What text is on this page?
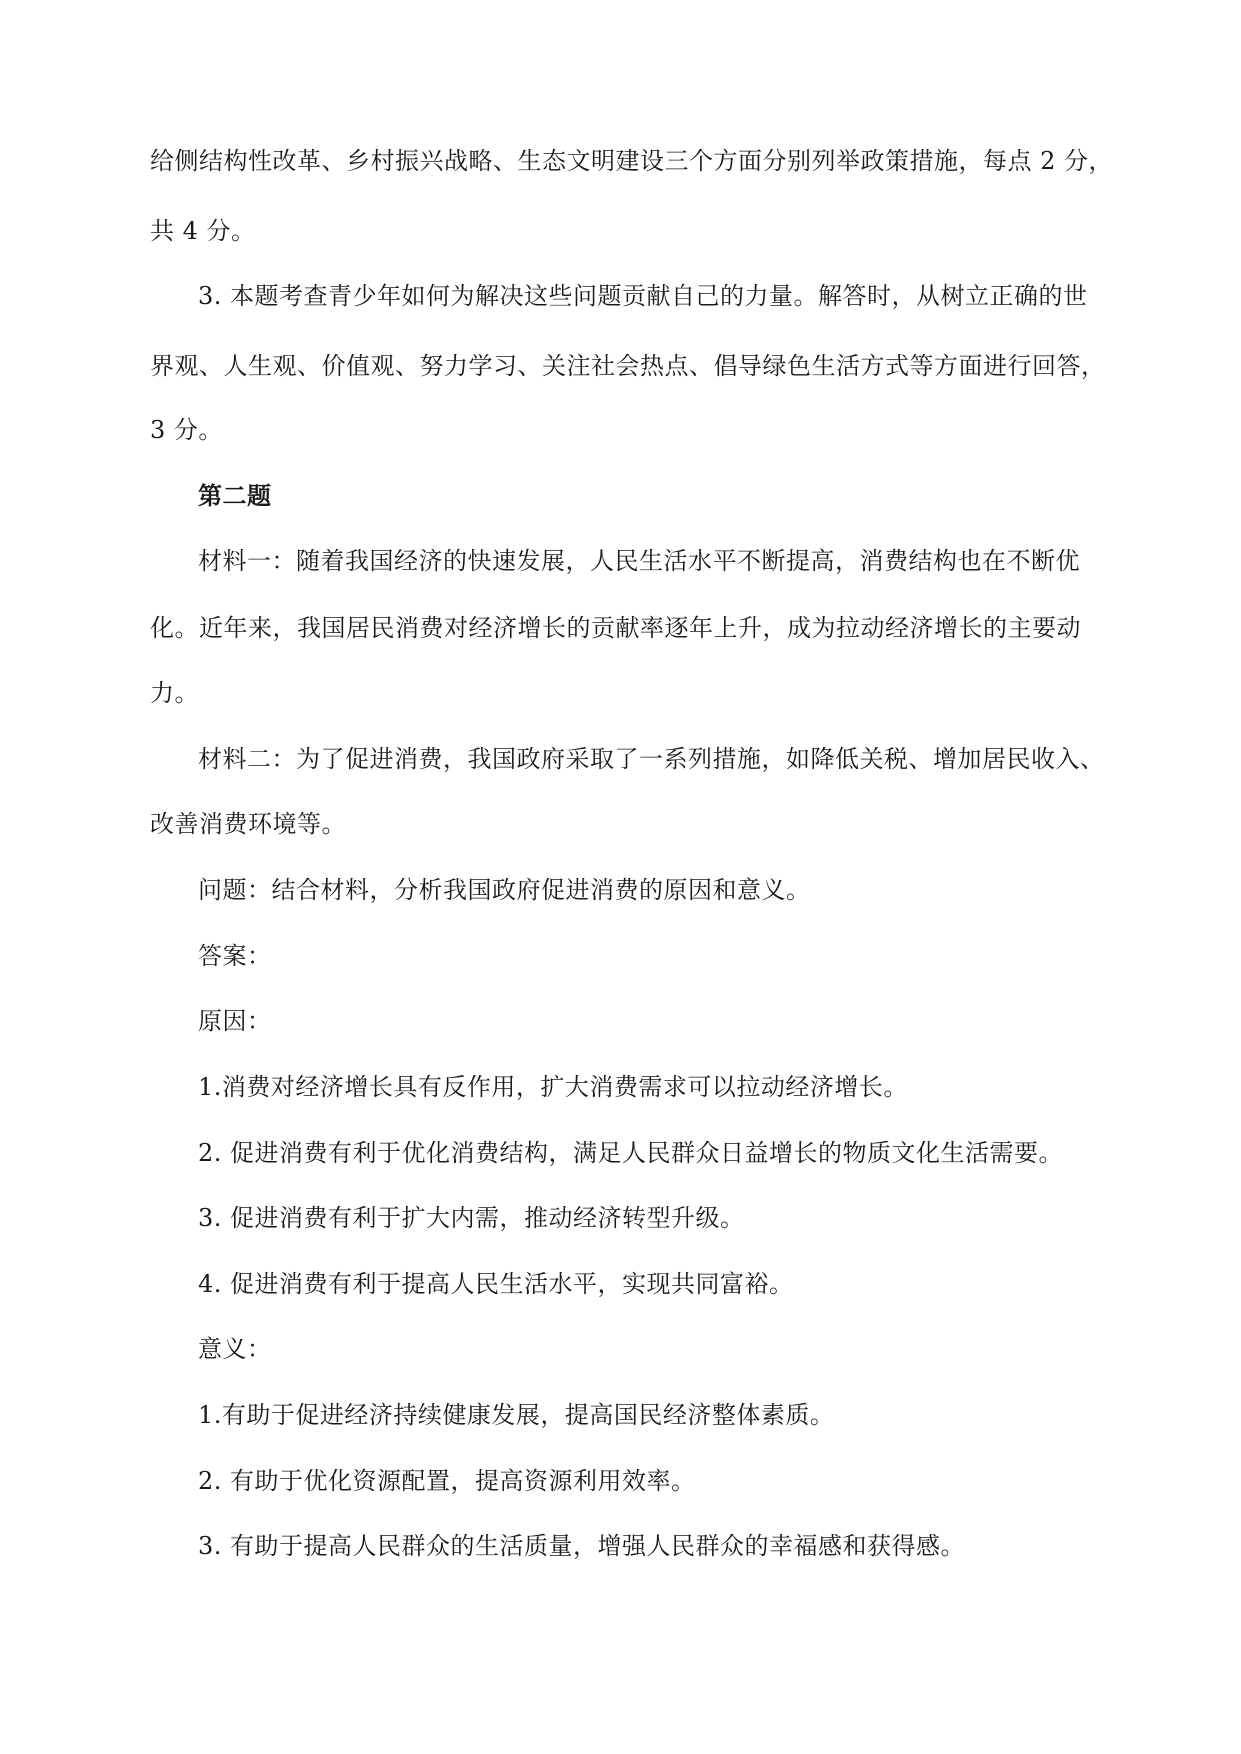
给侧结构性改革、乡村振兴战略、生态文明建设三个方面分别列举政策措施，每点 2 分，

共 4 分。

3. 本题考查青少年如何为解决这些问题贡献自己的力量。解答时，从树立正确的世

界观、人生观、价值观、努力学习、关注社会热点、倡导绿色生活方式等方面进行回答，

3 分。

第二题

材料一：随着我国经济的快速发展，人民生活水平不断提高，消费结构也在不断优

化。近年来，我国居民消费对经济增长的贡献率逐年上升，成为拉动经济增长的主要动

力。

材料二：为了促进消费，我国政府采取了一系列措施，如降低关税、增加居民收入、

改善消费环境等。

问题：结合材料，分析我国政府促进消费的原因和意义。

答案：

原因：

1.消费对经济增长具有反作用，扩大消费需求可以拉动经济增长。

2. 促进消费有利于优化消费结构，满足人民群众日益增长的物质文化生活需要。

3. 促进消费有利于扩大内需，推动经济转型升级。

4. 促进消费有利于提高人民生活水平，实现共同富裕。

意义：

1.有助于促进经济持续健康发展，提高国民经济整体素质。

2. 有助于优化资源配置，提高资源利用效率。

3. 有助于提高人民群众的生活质量，增强人民群众的幸福感和获得感。
